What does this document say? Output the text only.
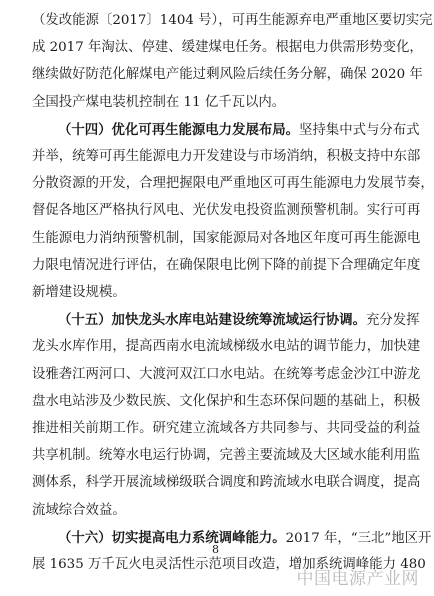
（发改能源〔2017〕1404 号），可再生能源弃电严重地区要切实完
成 2017 年淘汰、停建、缓建煤电任务。根据电力供需形势变化，
继续做好防范化解煤电产能过剩风险后续任务分解，确保 2020 年
全国投产煤电装机控制在 11 亿千瓦以内。
（十四）优化可再生能源电力发展布局。坚持集中式与分布式
并举，统筹可再生能源电力开发建设与市场消纳，积极支持中东部
分散资源的开发，合理把握限电严重地区可再生能源电力发展节奏，
督促各地区严格执行风电、光伏发电投资监测预警机制。实行可再
生能源电力消纳预警机制，国家能源局对各地区年度可再生能源电
力限电情况进行评估，在确保限电比例下降的前提下合理确定年度
新增建设规模。
（十五）加快龙头水库电站建设统筹流域运行协调。充分发挥
龙头水库作用，提高西南水电流域梯级水电站的调节能力，加快建
设雅砻江两河口、大渡河双江口水电站。在统筹考虑金沙江中游龙
盘水电站涉及少数民族、文化保护和生态环保问题的基础上，积极
推进相关前期工作。研究建立流域各方共同参与、共同受益的利益
共享机制。统筹水电运行协调，完善主要流域及大区域水能利用监
测体系，科学开展流域梯级联合调度和跨流域水电联合调度，提高
流域综合效益。
8
中国电源产业网
（十六）切实提高电力系统调峰能力。2017 年，“三北”地区开
展 1635 万千瓦火电灵活性示范项目改造，增加系统调峰能力 480
